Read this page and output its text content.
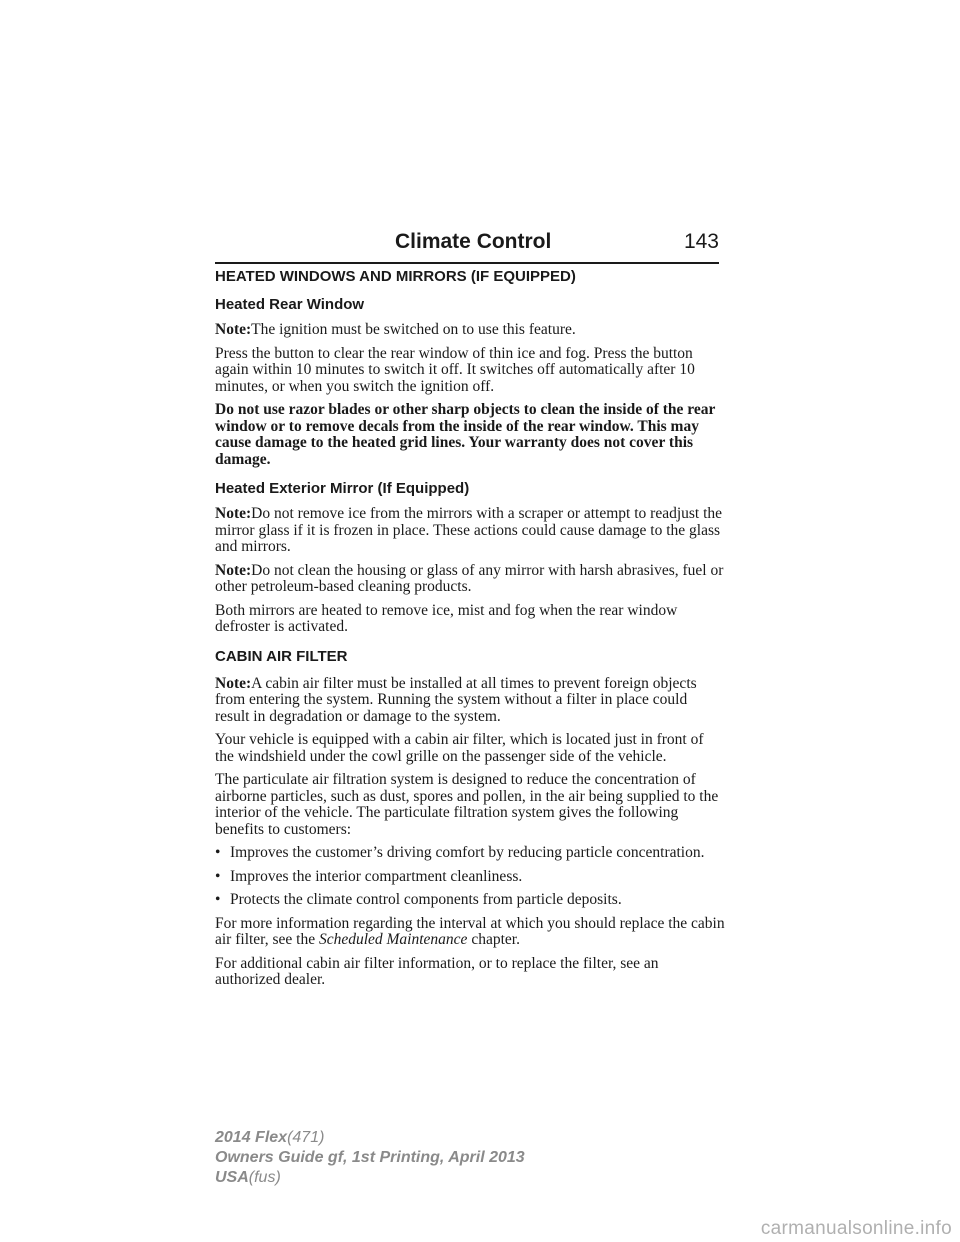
Climate Control	143
HEATED WINDOWS AND MIRRORS (IF EQUIPPED)
Heated Rear Window

Note:The ignition must be switched on to use this feature.

Press the button to clear the rear window of thin ice and fog. Press the button again within 10 minutes to switch it off. It switches off automatically after 10 minutes, or when you switch the ignition off.

Do not use razor blades or other sharp objects to clean the inside of the rear window or to remove decals from the inside of the rear window. This may cause damage to the heated grid lines. Your warranty does not cover this damage.

Heated Exterior Mirror (If Equipped)

Note:Do not remove ice from the mirrors with a scraper or attempt to readjust the mirror glass if it is frozen in place. These actions could cause damage to the glass and mirrors.

Note:Do not clean the housing or glass of any mirror with harsh abrasives, fuel or other petroleum-based cleaning products.

Both mirrors are heated to remove ice, mist and fog when the rear window defroster is activated.

CABIN AIR FILTER

Note:A cabin air filter must be installed at all times to prevent foreign objects from entering the system. Running the system without a filter in place could result in degradation or damage to the system.

Your vehicle is equipped with a cabin air filter, which is located just in front of the windshield under the cowl grille on the passenger side of the vehicle.

The particulate air filtration system is designed to reduce the concentration of airborne particles, such as dust, spores and pollen, in the air being supplied to the interior of the vehicle. The particulate filtration system gives the following benefits to customers:

• Improves the customer’s driving comfort by reducing particle concentration.
• Improves the interior compartment cleanliness.
• Protects the climate control components from particle deposits.

For more information regarding the interval at which you should replace the cabin air filter, see the Scheduled Maintenance chapter.

For additional cabin air filter information, or to replace the filter, see an authorized dealer.

2014 Flex(471)
Owners Guide gf, 1st Printing, April 2013
USA(fus)
carmanualsonline.info
